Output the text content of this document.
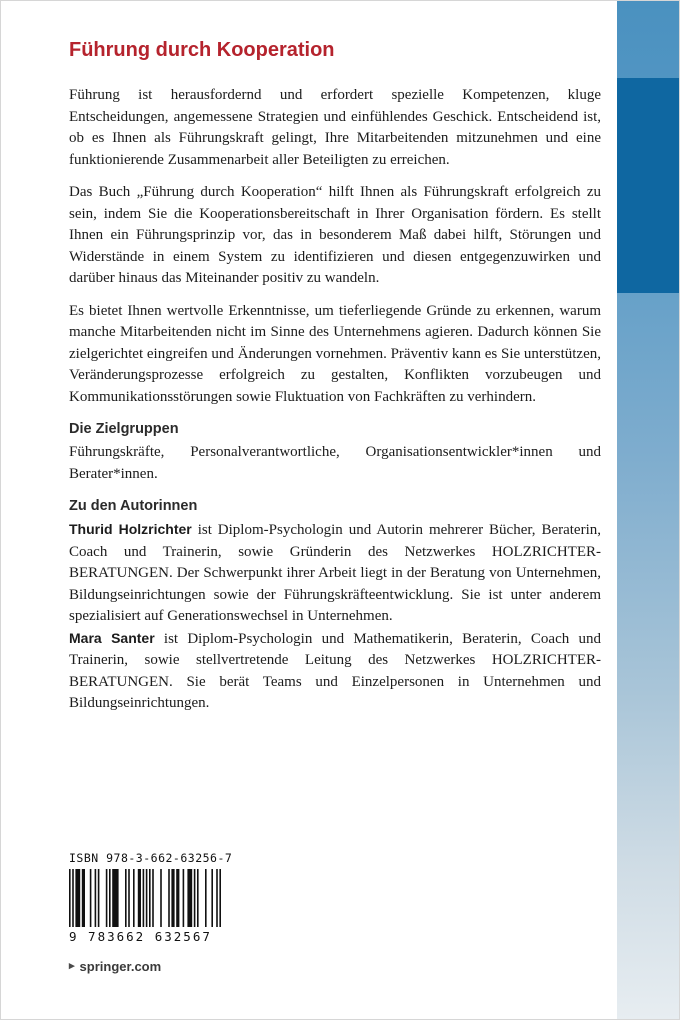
Führung durch Kooperation

Führung ist herausfordernd und erfordert spezielle Kompetenzen, kluge Entscheidungen, angemessene Strategien und einfühlendes Geschick. Entscheidend ist, ob es Ihnen als Führungskraft gelingt, Ihre Mitarbeitenden mitzunehmen und eine funktionierende Zusammenarbeit aller Beteiligten zu erreichen.

Das Buch „Führung durch Kooperation“ hilft Ihnen als Führungskraft erfolgreich zu sein, indem Sie die Kooperationsbereitschaft in Ihrer Organisation fördern. Es stellt Ihnen ein Führungsprinzip vor, das in besonderem Maß dabei hilft, Störungen und Widerstände in einem System zu identifizieren und diesen entgegenzuwirken und darüber hinaus das Miteinander positiv zu wandeln.

Es bietet Ihnen wertvolle Erkenntnisse, um tieferliegende Gründe zu erkennen, warum manche Mitarbeitenden nicht im Sinne des Unternehmens agieren. Dadurch können Sie zielgerichtet eingreifen und Änderungen vornehmen. Präventiv kann es Sie unterstützen, Veränderungsprozesse erfolgreich zu gestalten, Konflikten vorzubeugen und Kommunikationsstörungen sowie Fluktuation von Fachkräften zu verhindern.

Die Zielgruppen

Führungskräfte, Personalverantwortliche, Organisationsentwickler*innen und Berater*innen.

Zu den Autorinnen

Thurid Holzrichter ist Diplom-Psychologin und Autorin mehrerer Bücher, Beraterin, Coach und Trainerin, sowie Gründerin des Netzwerkes HOLZRICHTER-BERATUNGEN. Der Schwerpunkt ihrer Arbeit liegt in der Beratung von Unternehmen, Bildungseinrichtungen sowie der Führungskräfteentwicklung. Sie ist unter anderem spezialisiert auf Generationswechsel in Unternehmen.

Mara Santer ist Diplom-Psychologin und Mathematikerin, Beraterin, Coach und Trainerin, sowie stellvertretende Leitung des Netzwerkes HOLZRICHTER-BERATUNGEN. Sie berät Teams und Einzelpersonen in Unternehmen und Bildungseinrichtungen.

ISBN 978-3-662-63256-7
9 783662 632567
▸ springer.com
